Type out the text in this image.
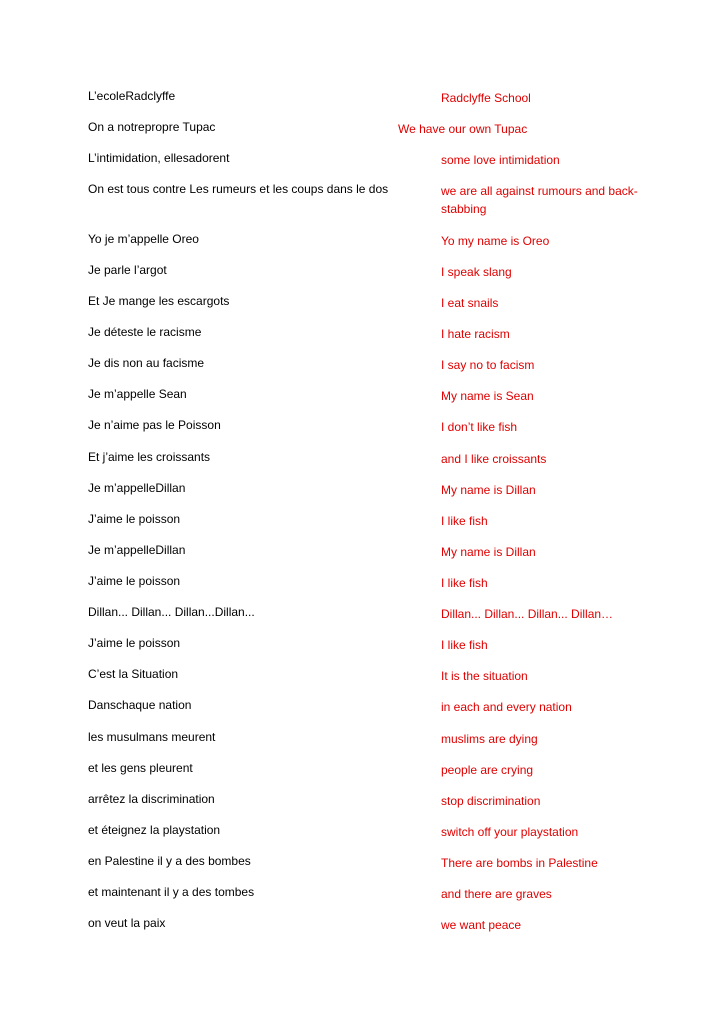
L’ecoleRadclyffe	Radclyffe School
On a notrepropre Tupac	We have our own Tupac
L’intimidation, ellesadorent	some love intimidation
On est tous contre Les rumeurs et les coups dans le dos	we are all against rumours and back-stabbing
Yo je m’appelle Oreo	Yo my name is Oreo
Je parle l’argot	I speak slang
Et Je mange les escargots	I eat snails
Je déteste le racisme	I hate racism
Je dis non au facisme	I say no to facism
Je m’appelle Sean	My name is Sean
Je n’aime pas le Poisson	I don’t like fish
Et j’aime les croissants	and I like croissants
Je m’appelleDillan	My name is Dillan
J’aime le poisson	I like fish
Je m’appelleDillan	My name is Dillan
J’aime le poisson	I like fish
Dillan... Dillan... Dillan...Dillan...	Dillan... Dillan... Dillan... Dillan…
J’aime le poisson	I like fish
C’est la Situation	It is the situation
Danschaque nation	in each and every nation
les musulmans meurent	muslims are dying
et les gens pleurent	people are crying
arrêtez la discrimination	stop discrimination
et éteignez la playstation	switch off your playstation
en Palestine il y a des bombes	There are bombs in Palestine
et maintenant il y a des tombes	and there are graves
on veut la paix	we want peace
